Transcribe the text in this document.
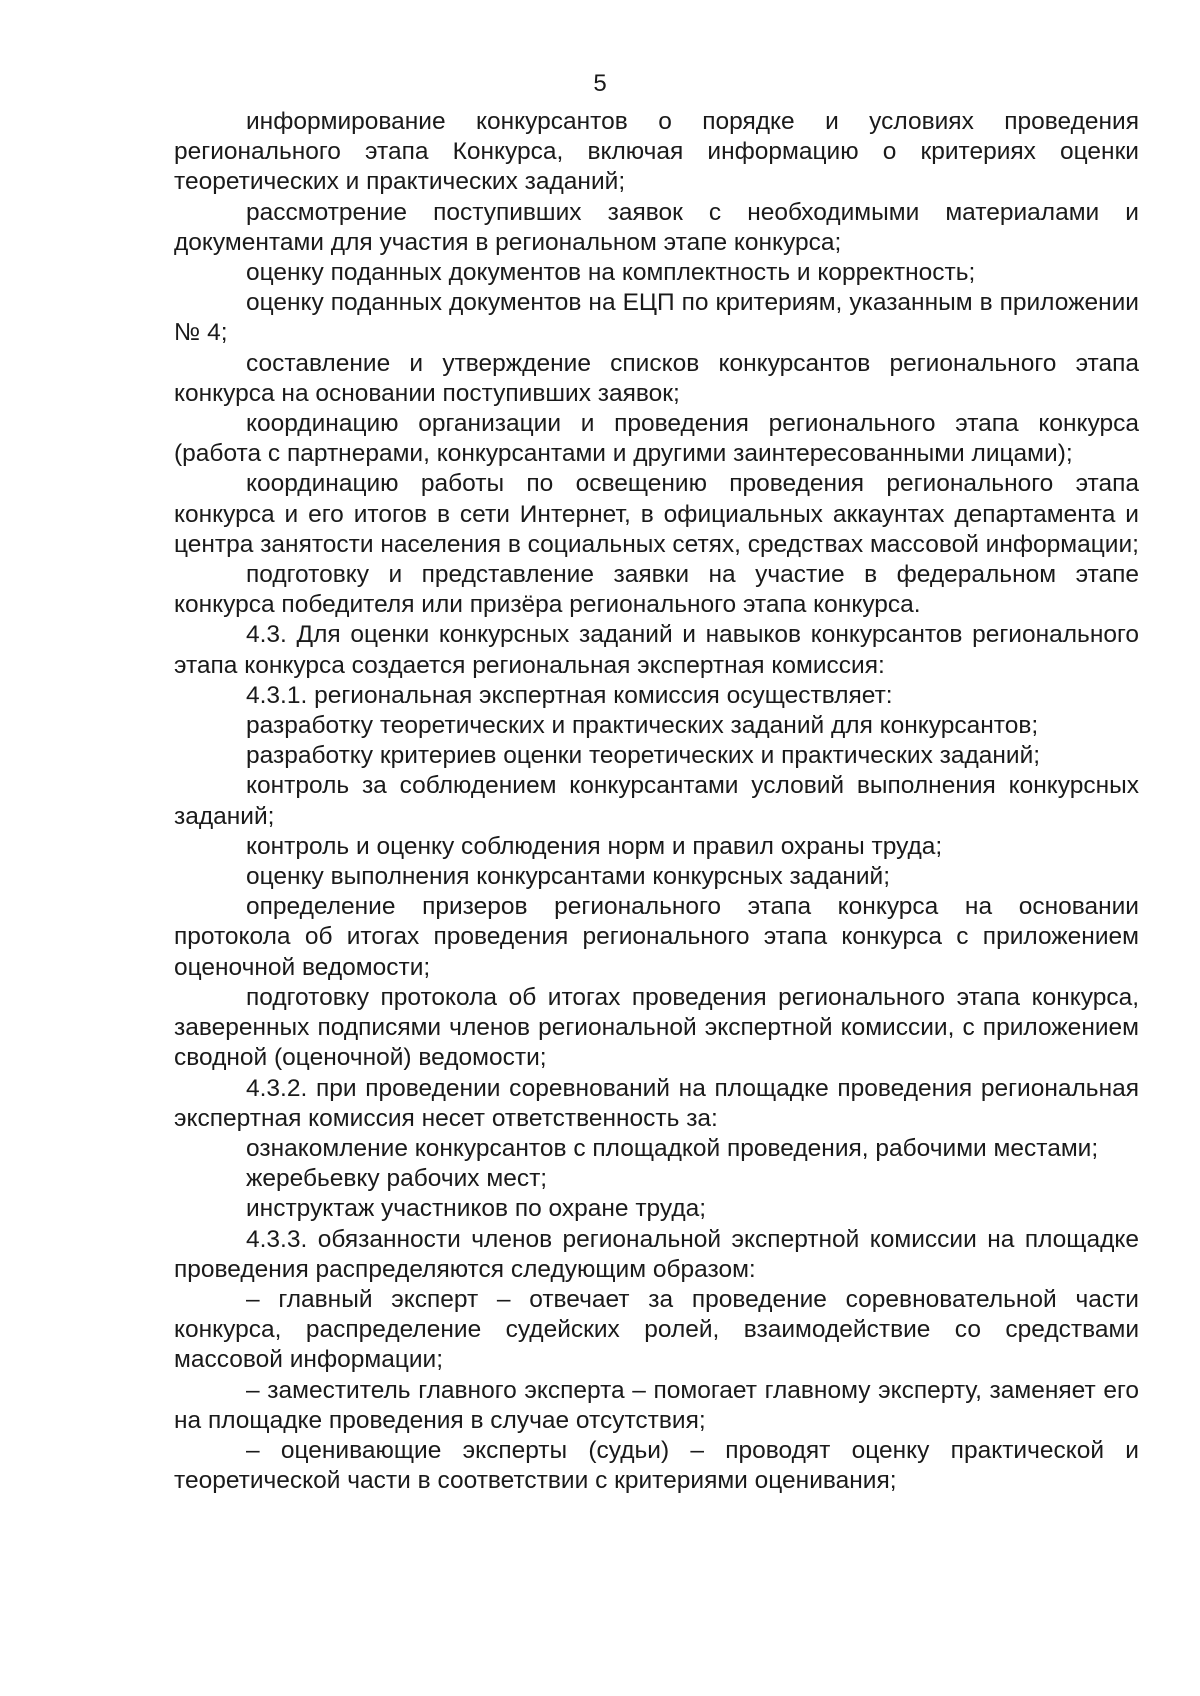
5

информирование конкурсантов о порядке и условиях проведения регионального этапа Конкурса, включая информацию о критериях оценки теоретических и практических заданий;

рассмотрение поступивших заявок с необходимыми материалами и документами для участия в региональном этапе конкурса;

оценку поданных документов на комплектность и корректность;

оценку поданных документов на ЕЦП по критериям, указанным в приложении № 4;

составление и утверждение списков конкурсантов регионального этапа конкурса на основании поступивших заявок;

координацию организации и проведения регионального этапа конкурса (работа с партнерами, конкурсантами и другими заинтересованными лицами);

координацию работы по освещению проведения регионального этапа конкурса и его итогов в сети Интернет, в официальных аккаунтах департамента и центра занятости населения в социальных сетях, средствах массовой информации;

подготовку и представление заявки на участие в федеральном этапе конкурса победителя или призёра регионального этапа конкурса.

4.3. Для оценки конкурсных заданий и навыков конкурсантов регионального этапа конкурса создается региональная экспертная комиссия:

4.3.1. региональная экспертная комиссия осуществляет:

разработку теоретических и практических заданий для конкурсантов;

разработку критериев оценки теоретических и практических заданий;

контроль за соблюдением конкурсантами условий выполнения конкурсных заданий;

контроль и оценку соблюдения норм и правил охраны труда;

оценку выполнения конкурсантами конкурсных заданий;

определение призеров регионального этапа конкурса на основании протокола об итогах проведения регионального этапа конкурса с приложением оценочной ведомости;

подготовку протокола об итогах проведения регионального этапа конкурса, заверенных подписями членов региональной экспертной комиссии, с приложением сводной (оценочной) ведомости;

4.3.2. при проведении соревнований на площадке проведения региональная экспертная комиссия несет ответственность за:

ознакомление конкурсантов с площадкой проведения, рабочими местами;

жеребьевку рабочих мест;

инструктаж участников по охране труда;

4.3.3. обязанности членов региональной экспертной комиссии на площадке проведения распределяются следующим образом:

– главный эксперт – отвечает за проведение соревновательной части конкурса, распределение судейских ролей, взаимодействие со средствами массовой информации;

– заместитель главного эксперта – помогает главному эксперту, заменяет его на площадке проведения в случае отсутствия;

– оценивающие эксперты (судьи) – проводят оценку практической и теоретической части в соответствии с критериями оценивания;
